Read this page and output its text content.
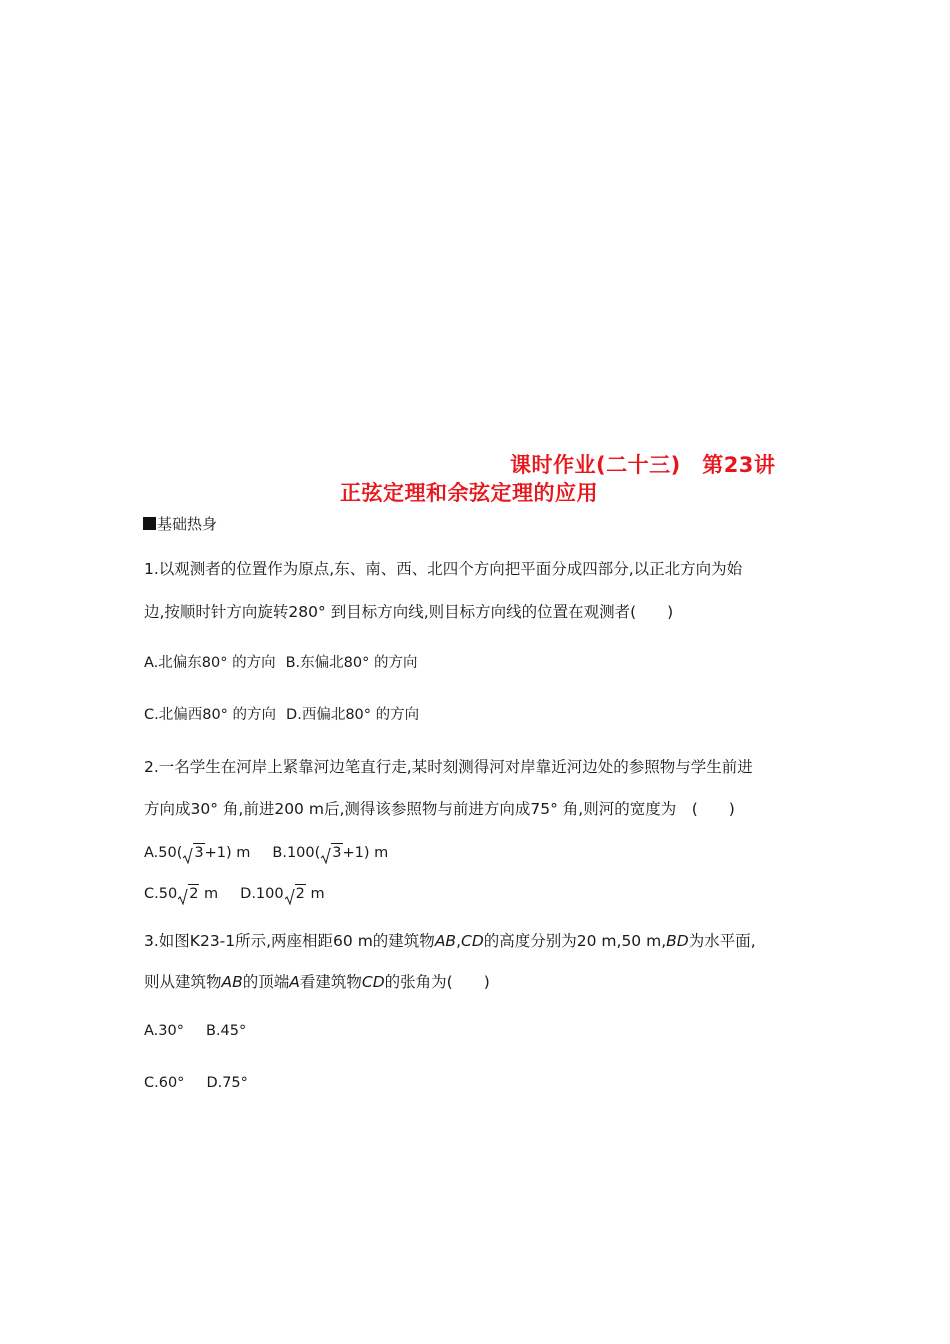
课时作业(二十三)　第23讲
正弦定理和余弦定理的应用
基础热身
1.以观测者的位置作为原点,东、南、西、北四个方向把平面分成四部分,以正北方向为始
边,按顺时针方向旋转280° 到目标方向线,则目标方向线的位置在观测者(　　)
A.北偏东80° 的方向 B.东偏北80° 的方向
C.北偏西80° 的方向 D.西偏北80° 的方向
2.一名学生在河岸上紧靠河边笔直行走,某时刻测得河对岸靠近河边处的参照物与学生前进
方向成30° 角,前进200 m后,测得该参照物与前进方向成75° 角,则河的宽度为　(　　)
A.50( 3+1) m B.100( 3+1) m
C.50 2 m D.100 2 m
3.如图K23-1所示,两座相距60 m的建筑物AB,CD的高度分别为20 m,50 m,BD为水平面,
则从建筑物AB的顶端A看建筑物CD的张角为(　　)
A.30° B.45°
C.60° D.75°
